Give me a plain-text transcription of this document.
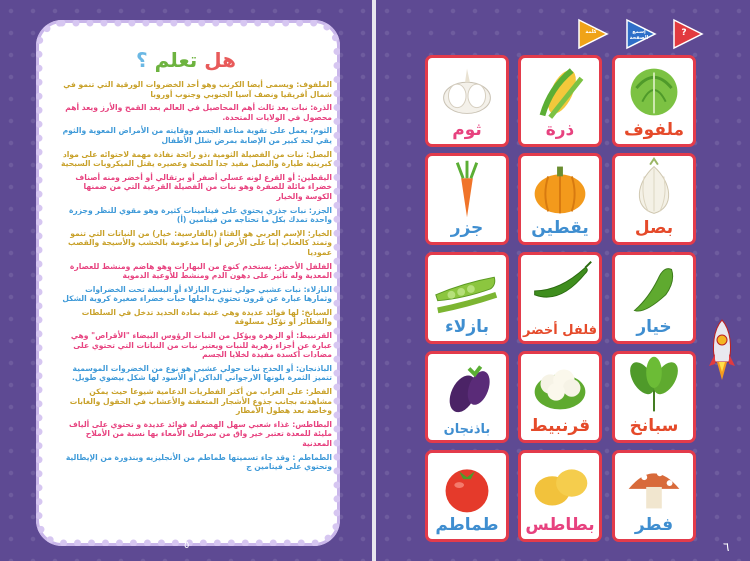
هل تعلم ؟
الملفوف: ويسمى أيضا الكرنب وهو أحد الخضروات الورقية التي تنمو في شمال أفريقيا ونصف آسيا الجنوبي وجنوب أوروبا
الذرة: نبات يعد ثالث أهم المحاصيل في العالم بعد القمح والأرز ويعد أهم محصول في الولايات المتحدة.
الثوم: يعمل على تقوية مناعة الجسم ووقايته من الأمراض المعوية والثوم يقي لحد كبير من الإصابة بمرض شلل الأطفال
البصل: نبات من الفصيلة الثومية ،ذو رائحة نفاذة مهمة لاحتوائه على مواد كبريتية طيارة والبصل مفيد جدا للصحة وعصيره يقتل الميكروبات السبحية
اليقطين: أو القرع لونه عسلي أصفر أو برتقالي أو أخضر ومنه أصناف خضراء مائلة للصفرة وهو نبات من الفصيلة القرعية التي من ضمنها الكوسة والخيار
الجزر: نبات جذري يحتوي على فيتامينات كثيرة وهو مقوي للنظر وجزرة واحدة تمدك بكل ما تحتاجه من فيتامين (أ)
الخيار: الإسم العربي هو القثاء (بالفارسية: خيار) من النباتات التي تنمو وتمتد كالعناب إما على الأرض أو إما مدعومة بالخشب والأسيجة والقصب عموديا
الفلفل الأخضر: يستخدم كنوع من البهارات وهو هاضم ومنشط للعصارة المعدية وله تأثير على دهون الدم ومنشط للأوعية الدموية
البازلاء: نبات عشبي حولي تندرج البازلاء أو البسلة تحت الخضراوات وثمارها عبارة عن قرون تحتوي بداخلها حبات خضراء صغيرة كروية الشكل
السبانخ: لها فوائد عديدة وهي غنية بمادة الحديد تدخل في السلطات والفطائر أو تؤكل مسلوقة
القرنبيط: أو الزهرة ويؤكل من النبات الرؤوس البيضاء "الأقراص" وهي عبارة عن أجزاء زهرية للنبات ويعتبر نبات من النباتات التي تحتوي على مضادات أكسدة مفيدة لخلايا الجسم
الباذنجان: أو الحدج نبات حولي عشبي هو نوع من الخضروات الموسمية تتميز الثمرة بلونها الارجواني الداكن أو الأسود لها شكل بيضوي طويل.
الفطر: على الغراب من أكثر الفطريات الدعامية شيوعا حيث يمكن مشاهدته بجانب جذوع الأشجار المتعفنة والأعشاب في الحقول والغابات وخاصة بعد هطول الأمطار
البطاطس: غذاء شعبي سهل الهضم له فوائد عديدة و تحتوي على ألياف مليئة للمعدة تعتبر خير واق من سرطان الأمعاء بها نسبة من الأملاح المعدنية
الطماطم : وقد جاء تسميتها طماطم من الأنجليزيه وبندورة من الإيطالية وتحتوي على فيتامين ج
٥	٦
?
إسمع الصفحة
كلمة
ملفوف
ذرة
ثوم
بصل
يقطين
جزر
خيار
فلفل أخضر
بازلاء
سبانخ
قرنبيط
باذنجان
فطر
بطاطس
طماطم
